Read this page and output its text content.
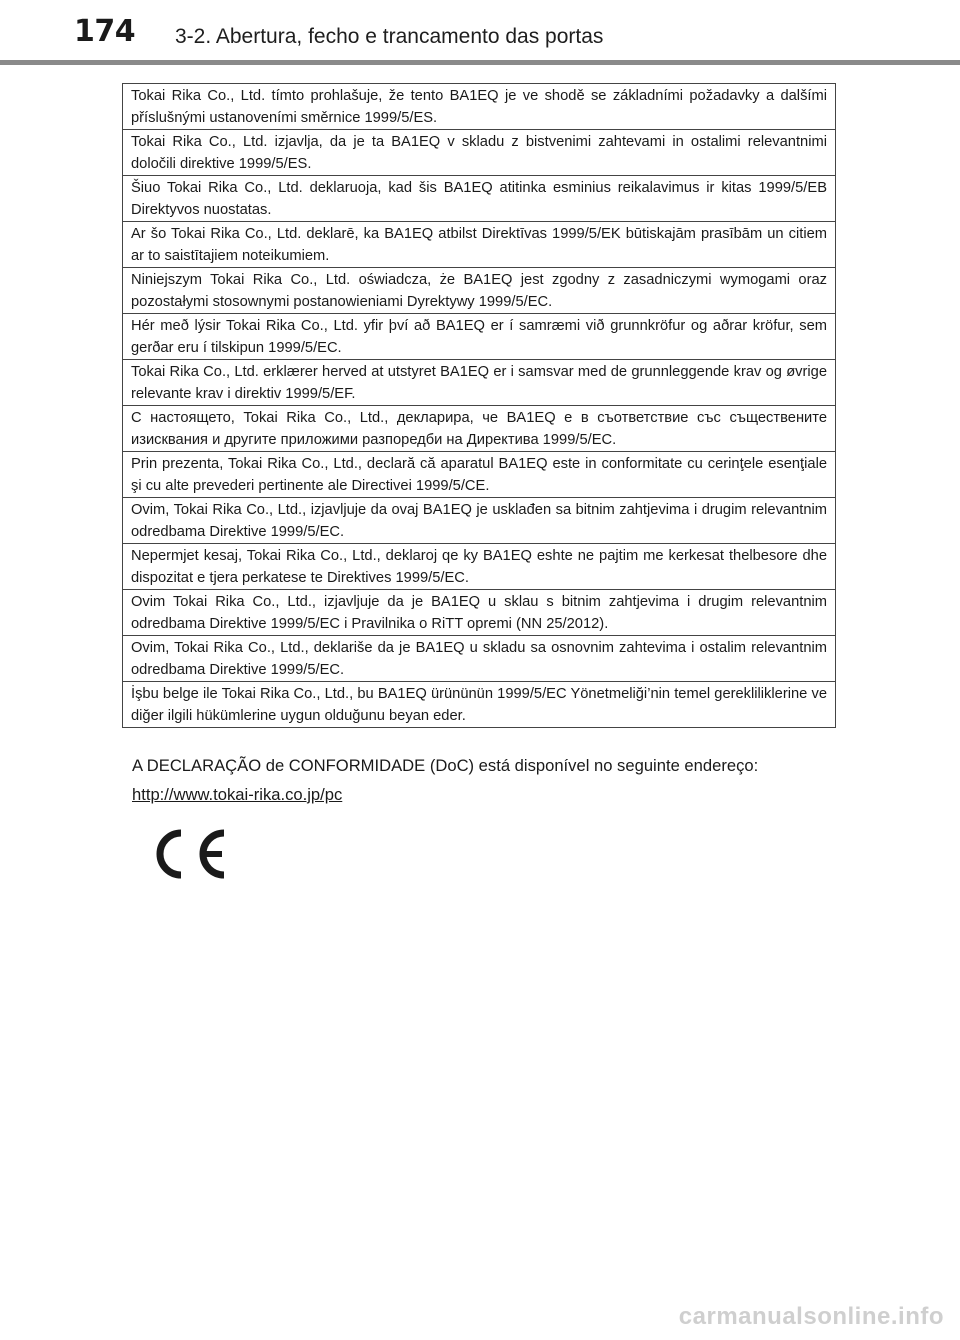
174 3-2. Abertura, fecho e trancamento das portas
Tokai Rika Co., Ltd. tímto prohlašuje, že tento BA1EQ je ve shodě se základními požadavky a dalšími příslušnými ustanoveními směrnice 1999/5/ES.
Tokai Rika Co., Ltd. izjavlja, da je ta BA1EQ v skladu z bistvenimi zahtevami in ostalimi relevantnimi določili direktive 1999/5/ES.
Šiuo Tokai Rika Co., Ltd. deklaruoja, kad šis BA1EQ atitinka esminius reikalavimus ir kitas 1999/5/EB Direktyvos nuostatas.
Ar šo Tokai Rika Co., Ltd. deklarē, ka BA1EQ atbilst Direktīvas 1999/5/EK būtiskajām prasībām un citiem ar to saistītajiem noteikumiem.
Niniejszym Tokai Rika Co., Ltd. oświadcza, że BA1EQ jest zgodny z zasadniczymi wymogami oraz pozostałymi stosownymi postanowieniami Dyrektywy 1999/5/EC.
Hér með lýsir Tokai Rika Co., Ltd. yfir því að BA1EQ er í samræmi við grunnkröfur og aðrar kröfur, sem gerðar eru í tilskipun 1999/5/EC.
Tokai Rika Co., Ltd. erklærer herved at utstyret BA1EQ er i samsvar med de grunnleggende krav og øvrige relevante krav i direktiv 1999/5/EF.
С настоящето, Tokai Rika Co., Ltd., декларира, че BA1EQ е в съответствие със съществените изисквания и другите приложими разпоредби на Директива 1999/5/EC.
Prin prezenta, Tokai Rika Co., Ltd., declară că aparatul BA1EQ este in conformitate cu cerinţele esenţiale şi cu alte prevederi pertinente ale Directivei 1999/5/CE.
Ovim, Tokai Rika Co., Ltd., izjavljuje da ovaj BA1EQ je usklađen sa bitnim zahtjevima i drugim relevantnim odredbama Direktive 1999/5/EC.
Nepermjet kesaj, Tokai Rika Co., Ltd., deklaroj qe ky BA1EQ eshte ne pajtim me kerkesat thelbesore dhe dispozitat e tjera perkatese te Direktives 1999/5/EC.
Ovim Tokai Rika Co., Ltd., izjavljuje da je BA1EQ u sklau s bitnim zahtjevima i drugim relevantnim odredbama Direktive 1999/5/EC i Pravilnika o RiTT opremi (NN 25/2012).
Ovim, Tokai Rika Co., Ltd., deklariše da je BA1EQ u skladu sa osnovnim zahtevima i ostalim relevantnim odredbama Direktive 1999/5/EC.
İşbu belge ile Tokai Rika Co., Ltd., bu BA1EQ ürününün 1999/5/EC Yönetmeliği’nin temel gerekliliklerine ve diğer ilgili hükümlerine uygun olduğunu beyan eder.
A DECLARAÇÃO de CONFORMIDADE (DoC) está disponível no seguinte endereço:
http://www.tokai-rika.co.jp/pc
carmanualsonline.info
